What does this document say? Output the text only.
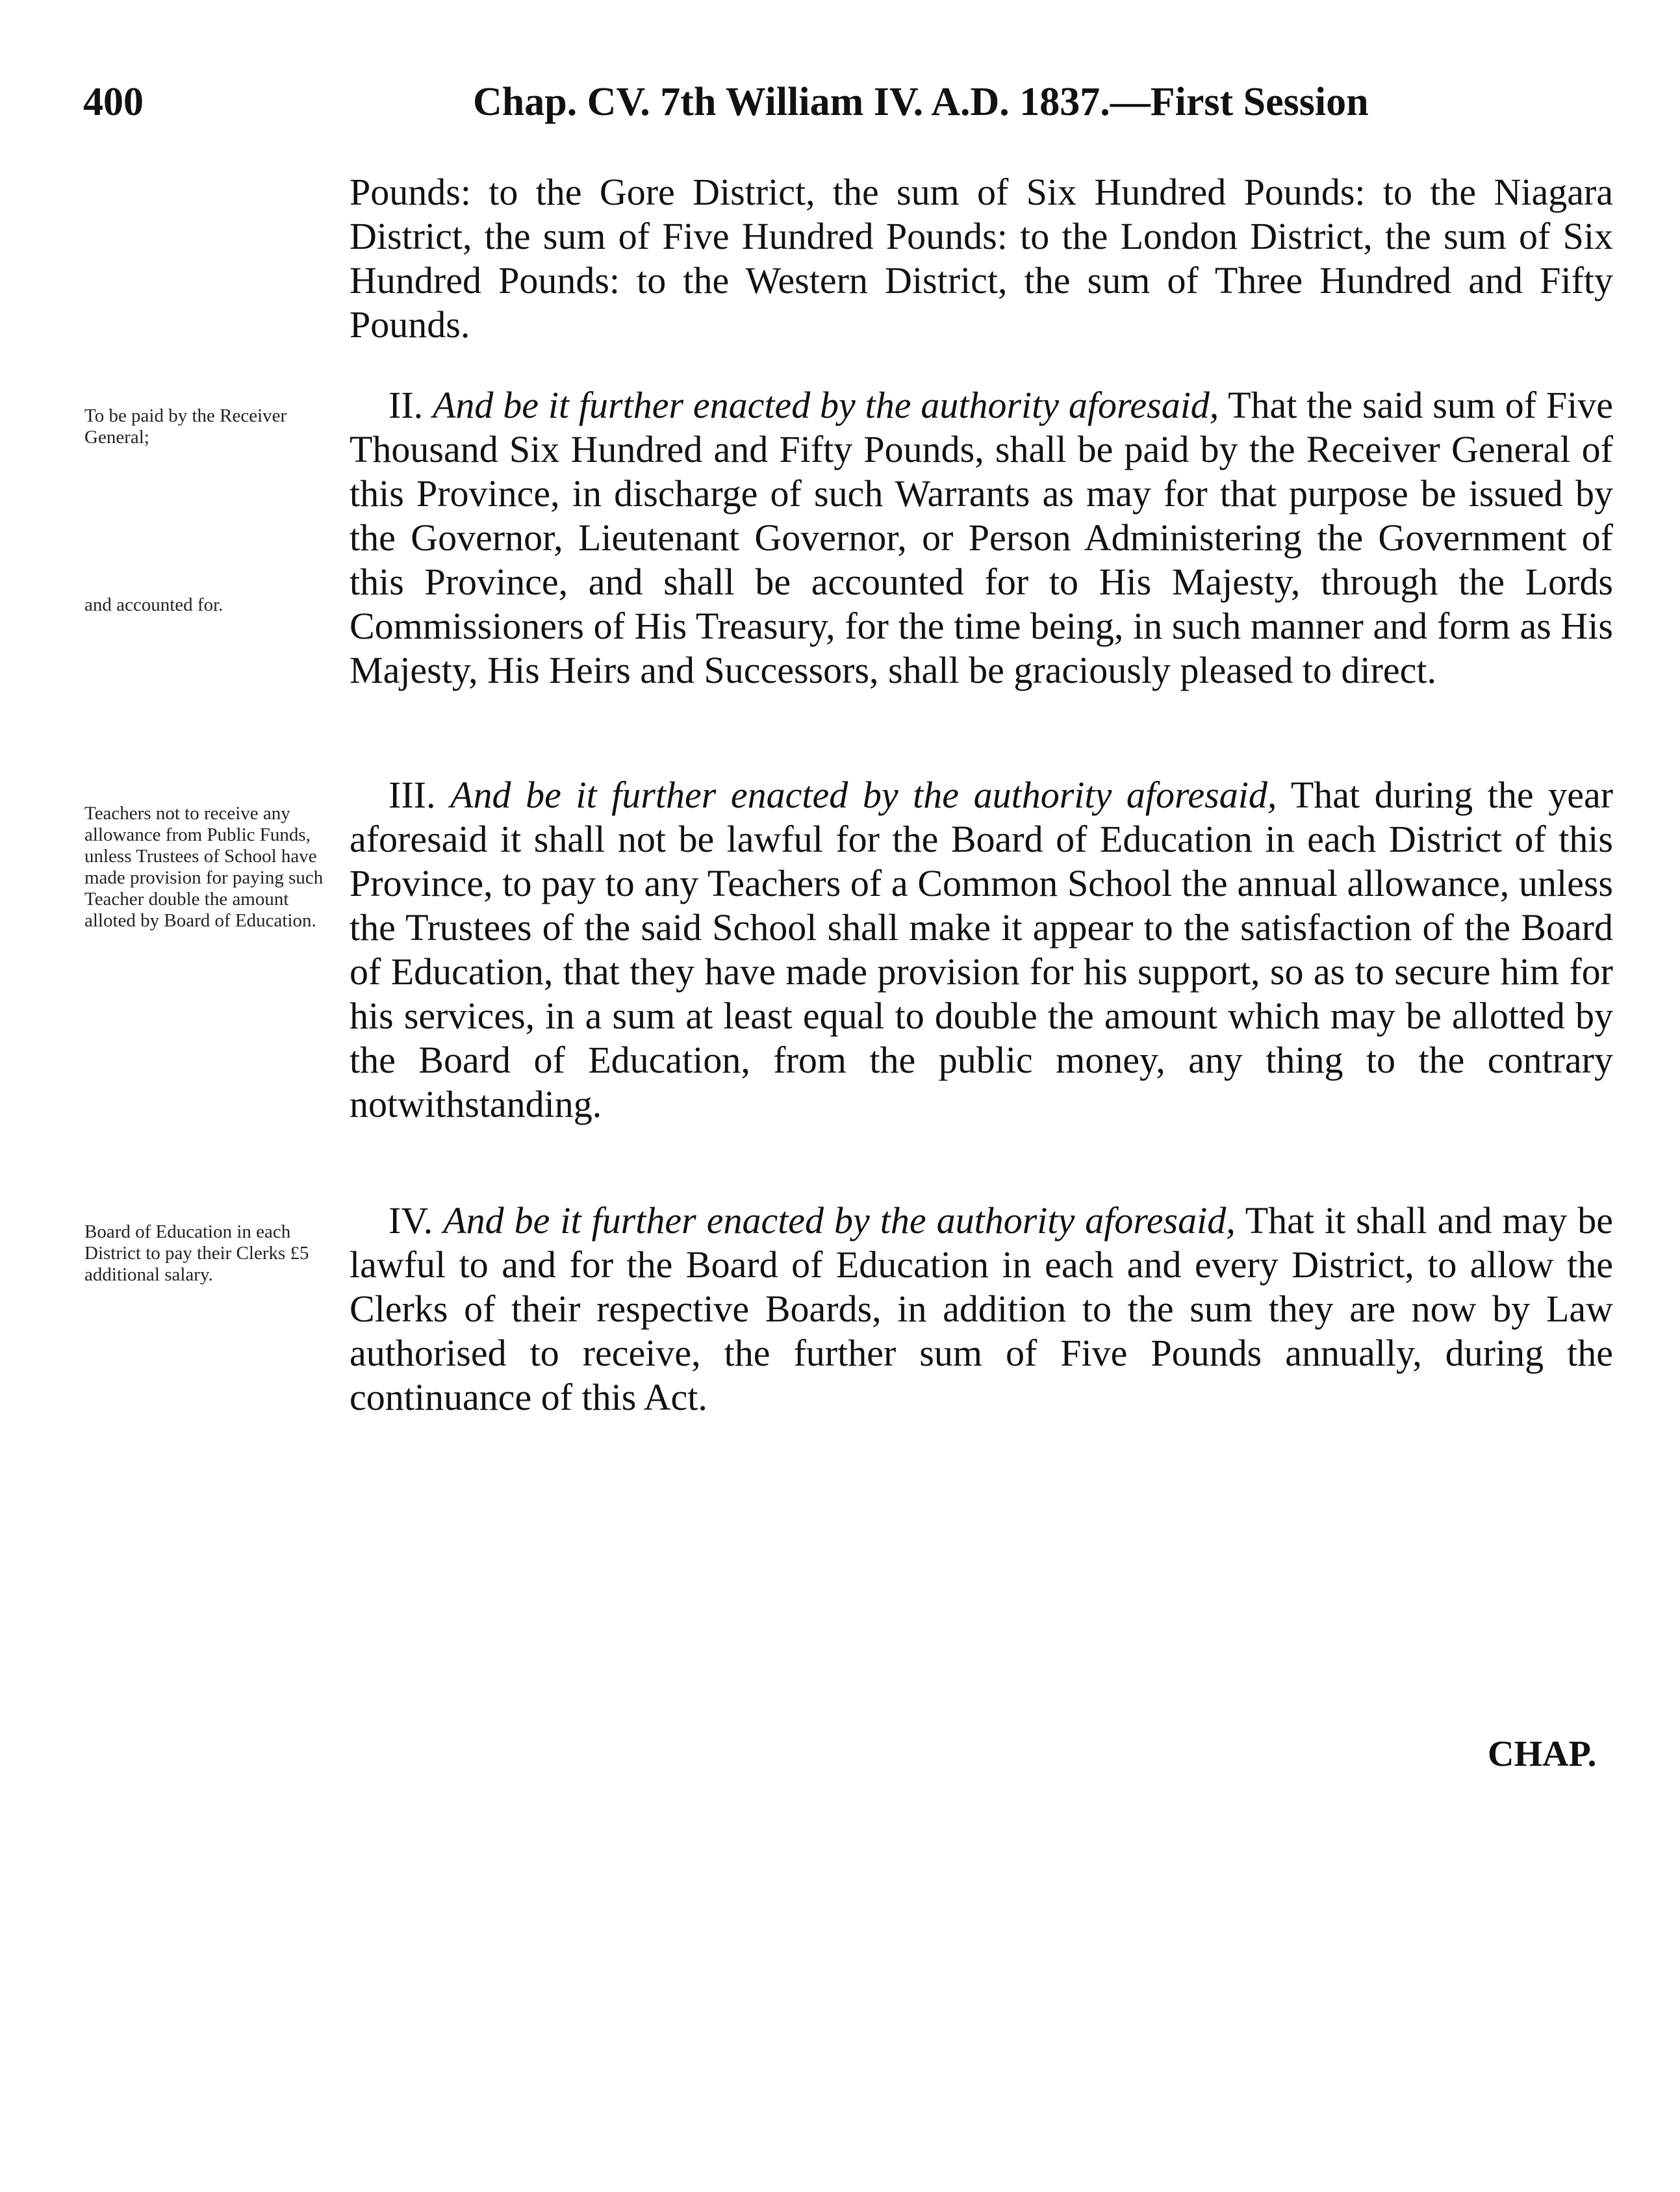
400	Chap. CV. 7th William IV. A.D. 1837.—First Session

Pounds: to the Gore District, the sum of Six Hundred Pounds: to the Niagara District, the sum of Five Hundred Pounds: to the London District, the sum of Six Hundred Pounds: to the Western District, the sum of Three Hundred and Fifty Pounds.

To be paid by the Receiver General;
and accounted for.

II. And be it further enacted by the authority aforesaid, That the said sum of Five Thousand Six Hundred and Fifty Pounds, shall be paid by the Receiver General of this Province, in discharge of such Warrants as may for that purpose be issued by the Governor, Lieutenant Governor, or Person Administering the Government of this Province, and shall be accounted for to His Majesty, through the Lords Commissioners of His Treasury, for the time being, in such manner and form as His Majesty, His Heirs and Successors, shall be graciously pleased to direct.

Teachers not to receive any allowance from Public Funds, unless Trustees of School have made provision for paying such Teacher double the amount alloted by Board of Education.

III. And be it further enacted by the authority aforesaid, That during the year aforesaid it shall not be lawful for the Board of Education in each District of this Province, to pay to any Teachers of a Common School the annual allowance, unless the Trustees of the said School shall make it appear to the satisfaction of the Board of Education, that they have made provision for his support, so as to secure him for his services, in a sum at least equal to double the amount which may be allotted by the Board of Education, from the public money, any thing to the contrary notwithstanding.

Board of Education in each District to pay their Clerks £5 additional salary.

IV. And be it further enacted by the authority aforesaid, That it shall and may be lawful to and for the Board of Education in each and every District, to allow the Clerks of their respective Boards, in addition to the sum they are now by Law authorised to receive, the further sum of Five Pounds annually, during the continuance of this Act.

CHAP.
